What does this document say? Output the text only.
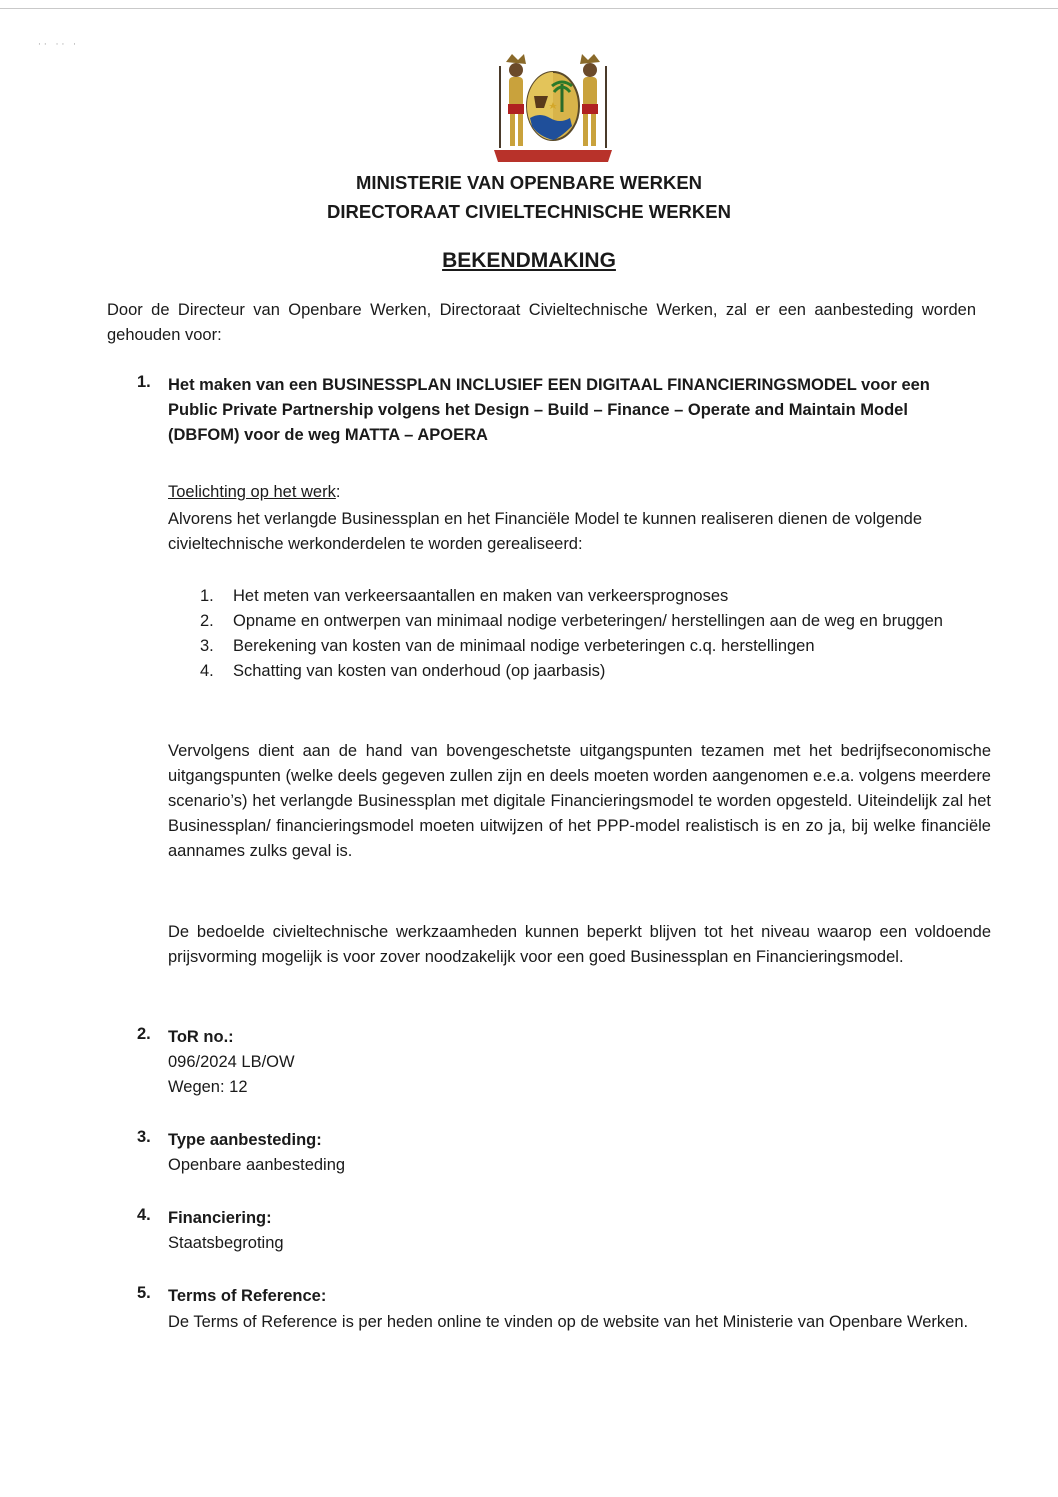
·· ·· ·
MINISTERIE VAN OPENBARE WERKEN
DIRECTORAAT CIVIELTECHNISCHE WERKEN
BEKENDMAKING
Door de Directeur van Openbare Werken, Directoraat Civieltechnische Werken, zal er een aanbesteding worden gehouden voor:
1. Het maken van een BUSINESSPLAN INCLUSIEF EEN DIGITAAL FINANCIERINGSMODEL voor een Public Private Partnership volgens het Design – Build – Finance – Operate and Maintain Model (DBFOM) voor de weg MATTA – APOERA
Toelichting op het werk:
Alvorens het verlangde Businessplan en het Financiële Model te kunnen realiseren dienen de volgende civieltechnische werkonderdelen te worden gerealiseerd:
1. Het meten van verkeersaantallen en maken van verkeersprognoses
2. Opname en ontwerpen van minimaal nodige verbeteringen/ herstellingen aan de weg en bruggen
3. Berekening van kosten van de minimaal nodige verbeteringen c.q. herstellingen
4. Schatting van kosten van onderhoud (op jaarbasis)
Vervolgens dient aan de hand van bovengeschetste uitgangspunten tezamen met het bedrijfseconomische uitgangspunten (welke deels gegeven zullen zijn en deels moeten worden aangenomen e.e.a. volgens meerdere scenario’s) het verlangde Businessplan met digitale Financieringsmodel te worden opgesteld. Uiteindelijk zal het Businessplan/ financieringsmodel moeten uitwijzen of het PPP-model realistisch is en zo ja, bij welke financiële aannames zulks geval is.
De bedoelde civieltechnische werkzaamheden kunnen beperkt blijven tot het niveau waarop een voldoende prijsvorming mogelijk is voor zover noodzakelijk voor een goed Businessplan en Financieringsmodel.
2. ToR no.:
096/2024 LB/OW
Wegen: 12
3. Type aanbesteding:
Openbare aanbesteding
4. Financiering:
Staatsbegroting
5. Terms of Reference:
De Terms of Reference is per heden online te vinden op de website van het Ministerie van Openbare Werken.
